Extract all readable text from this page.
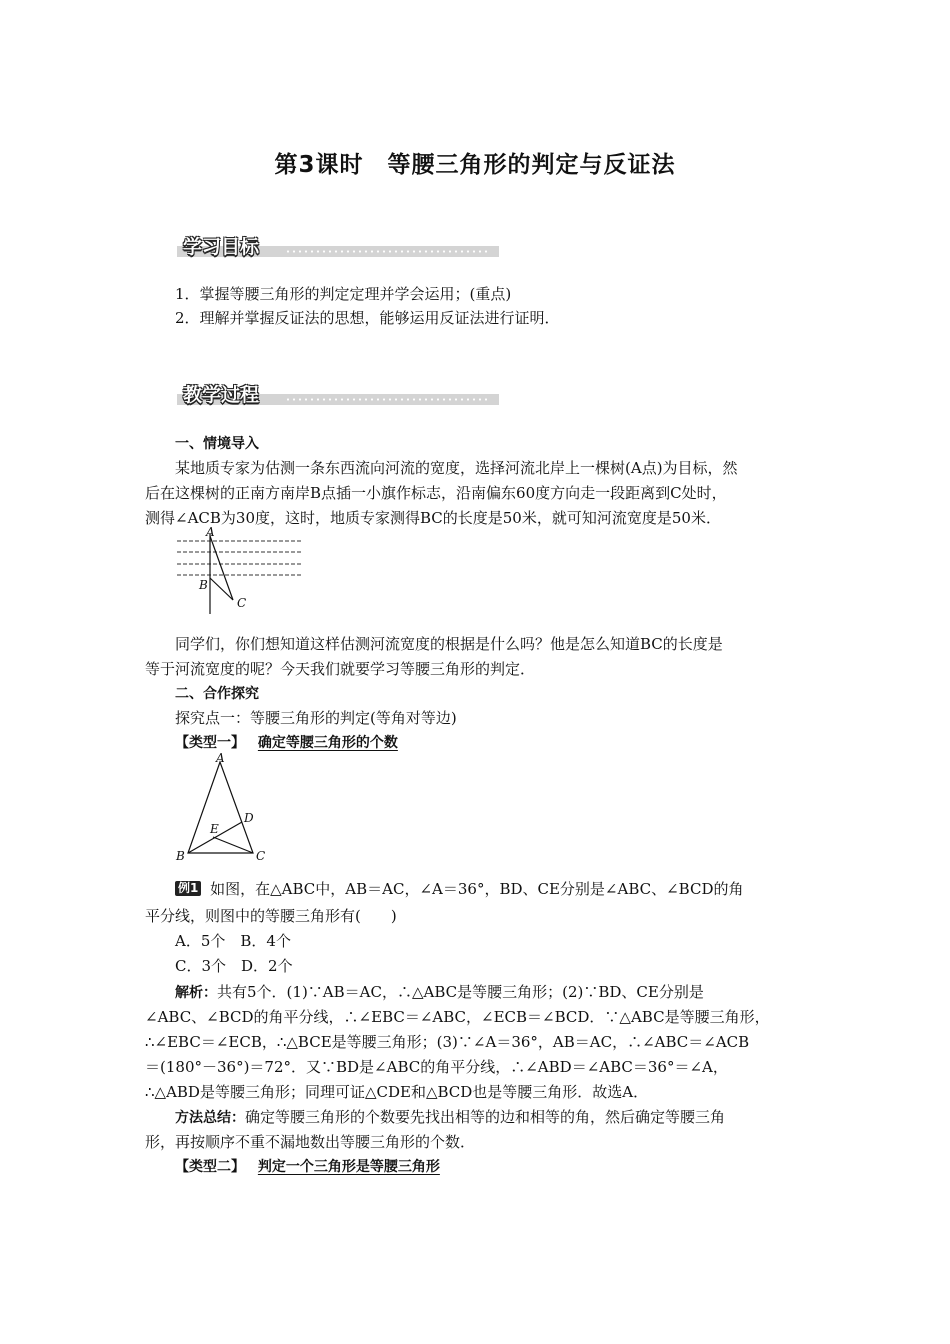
第3课时　等腰三角形的判定与反证法
学习目标
1．掌握等腰三角形的判定定理并学会运用；(重点)
2．理解并掌握反证法的思想，能够运用反证法进行证明．
教学过程
一、情境导入
某地质专家为估测一条东西流向河流的宽度，选择河流北岸上一棵树(A点)为目标，然
后在这棵树的正南方南岸B点插一小旗作标志，沿南偏东60度方向走一段距离到C处时，
测得∠ACB为30度，这时，地质专家测得BC的长度是50米，就可知河流宽度是50米．
A
B
C
同学们，你们想知道这样估测河流宽度的根据是什么吗？他是怎么知道BC的长度是
等于河流宽度的呢？今天我们就要学习等腰三角形的判定．
二、合作探究
探究点一：等腰三角形的判定(等角对等边)
【类型一】 确定等腰三角形的个数
A
B	C
D
E
例1 如图，在△ABC中，AB＝AC，∠A＝36°，BD、CE分别是∠ABC、∠BCD的角
平分线，则图中的等腰三角形有(　　)
A．5个　B．4个
C．3个　D．2个
解析：共有5个．(1)∵AB＝AC，∴△ABC是等腰三角形；(2)∵BD、CE分别是
∠ABC、∠BCD的角平分线，∴∠EBC＝∠ABC，∠ECB＝∠BCD．∵△ABC是等腰三角形，
∴∠EBC＝∠ECB，∴△BCE是等腰三角形；(3)∵∠A＝36°，AB＝AC，∴∠ABC＝∠ACB
＝(180°－36°)＝72°．又∵BD是∠ABC的角平分线，∴∠ABD＝∠ABC＝36°＝∠A，
∴△ABD是等腰三角形；同理可证△CDE和△BCD也是等腰三角形．故选A．
方法总结：确定等腰三角形的个数要先找出相等的边和相等的角，然后确定等腰三角
形，再按顺序不重不漏地数出等腰三角形的个数．
【类型二】 判定一个三角形是等腰三角形
